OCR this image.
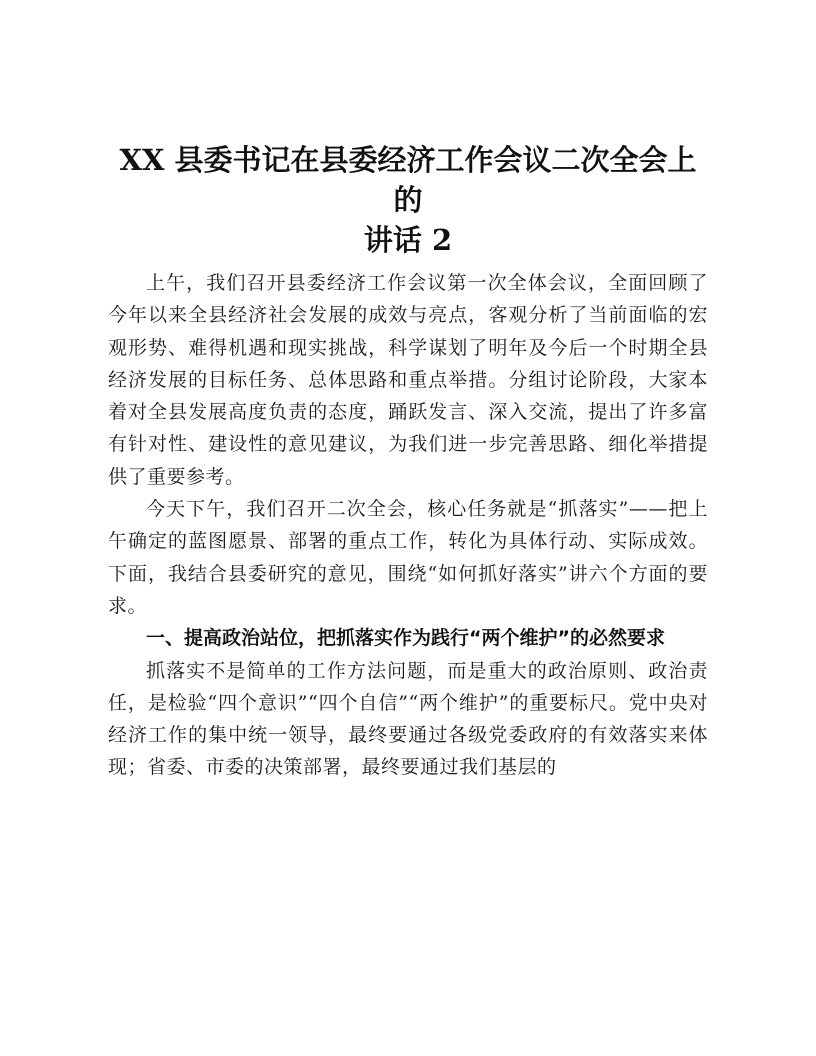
XX 县委书记在县委经济工作会议二次全会上的
讲话 2

上午，我们召开县委经济工作会议第一次全体会议，全面回顾了今年以来全县经济社会发展的成效与亮点，客观分析了当前面临的宏观形势、难得机遇和现实挑战，科学谋划了明年及今后一个时期全县经济发展的目标任务、总体思路和重点举措。分组讨论阶段，大家本着对全县发展高度负责的态度，踊跃发言、深入交流，提出了许多富有针对性、建设性的意见建议，为我们进一步完善思路、细化举措提供了重要参考。

今天下午，我们召开二次全会，核心任务就是“抓落实”——把上午确定的蓝图愿景、部署的重点工作，转化为具体行动、实际成效。下面，我结合县委研究的意见，围绕“如何抓好落实”讲六个方面的要求。

一、提高政治站位，把抓落实作为践行“两个维护”的必然要求

抓落实不是简单的工作方法问题，而是重大的政治原则、政治责任，是检验“四个意识”“四个自信”“两个维护”的重要标尺。党中央对经济工作的集中统一领导，最终要通过各级党委政府的有效落实来体现；省委、市委的决策部署，最终要通过我们基层的
